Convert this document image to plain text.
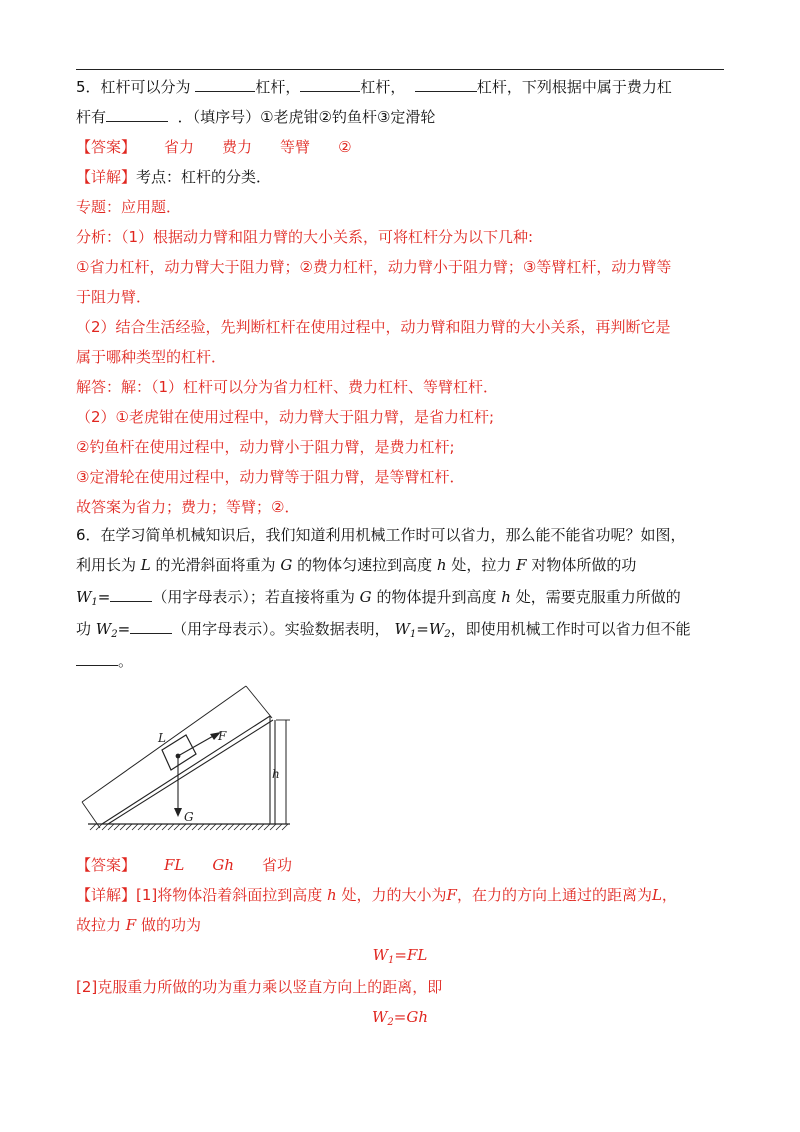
5．杠杆可以分为	杠杆，	杠杆，	杠杆，下列根据中属于费力杠
杆有	．（填序号）①老虎钳②钓鱼杆③定滑轮
【答案】 省力 费力 等臂 ②
【详解】考点：杠杆的分类．
专题：应用题．
分析：（1）根据动力臂和阻力臂的大小关系，可将杠杆分为以下几种:
①省力杠杆，动力臂大于阻力臂；②费力杠杆，动力臂小于阻力臂；③等臂杠杆，动力臂等
于阻力臂．
（2）结合生活经验，先判断杠杆在使用过程中，动力臂和阻力臂的大小关系，再判断它是
属于哪种类型的杠杆．
解答：解：（1）杠杆可以分为省力杠杆、费力杠杆、等臂杠杆．
（2）①老虎钳在使用过程中，动力臂大于阻力臂，是省力杠杆;
②钓鱼杆在使用过程中，动力臂小于阻力臂，是费力杠杆;
③定滑轮在使用过程中，动力臂等于阻力臂，是等臂杠杆．
故答案为省力；费力；等臂；②．
6．在学习简单机械知识后，我们知道利用机械工作时可以省力，那么能不能省功呢？如图，
利用长为 L 的光滑斜面将重为 G 的物体匀速拉到高度 h 处，拉力 F 对物体所做的功
$W_1=$	（用字母表示）；若直接将重为 G 的物体提升到高度 h 处，需要克服重力所做的
功 $W_2=$	（用字母表示）。实验数据表明， $W_1=W_2$，即使用机械工作时可以省力但不能
。
L	F
h
G
【答案】 FL Gh 省功
【详解】[1]将物体沿着斜面拉到高度 h 处，力的大小为F，在力的方向上通过的距离为L，
故拉力 F 做的功为
$W_1=FL$
[2]克服重力所做的功为重力乘以竖直方向上的距离，即
$W_2=Gh$
